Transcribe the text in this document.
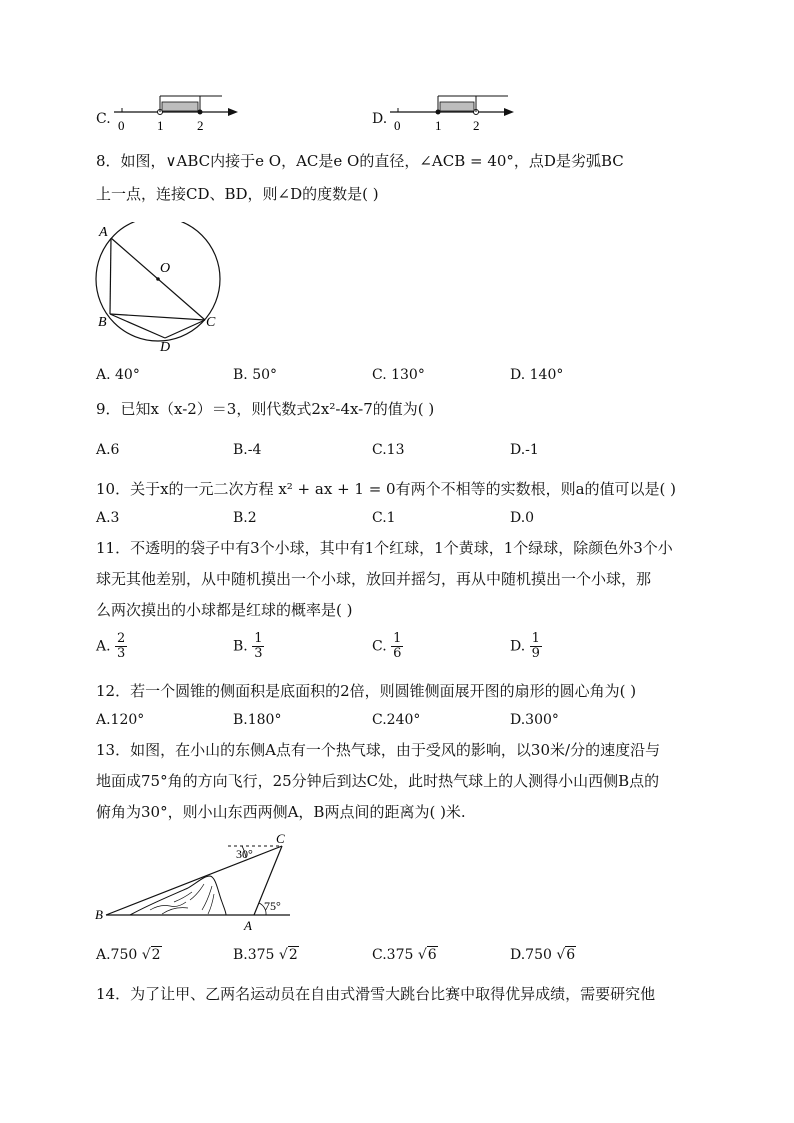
C. 0	1	2	D. 0	1 2
8．如图，∨ABC内接于e O，AC是e O的直径，∠ACB = 40°，点D是劣弧BC
上一点，连接CD、BD，则∠D的度数是( )
A
O
B	C
D
A. 40°	B. 50°	C. 130°	D. 140°
9．已知x（x-2）＝3，则代数式2x²-4x-7的值为( )
A.6	B.-4	C.13	D.-1
10．关于x的一元二次方程 x² + ax + 1 = 0有两个不相等的实数根，则a的值可以是( )
A.3	B.2	C.1	D.0
11．不透明的袋子中有3个小球，其中有1个红球，1个黄球，1个绿球，除颜色外3个小
球无其他差别，从中随机摸出一个小球，放回并摇匀，再从中随机摸出一个小球，那
么两次摸出的小球都是红球的概率是( )
A. $\frac{2}{3}$	B. $\frac{1}{3}$	C. $\frac{1}{6}$	D. $\frac{1}{9}$
12．若一个圆锥的侧面积是底面积的2倍，则圆锥侧面展开图的扇形的圆心角为( )
A.120°	B.180°	C.240°	D.300°
13．如图，在小山的东侧A点有一个热气球，由于受风的影响，以30米/分的速度沿与
地面成75°角的方向飞行，25分钟后到达C处，此时热气球上的人测得小山西侧B点的
俯角为30°，则小山东西两侧A，B两点间的距离为( )米.
30°
75°
C
B
A
A.750 √2	B.375 √2	C.375 √6	D.750 √6
14．为了让甲、乙两名运动员在自由式滑雪大跳台比赛中取得优异成绩，需要研究他
